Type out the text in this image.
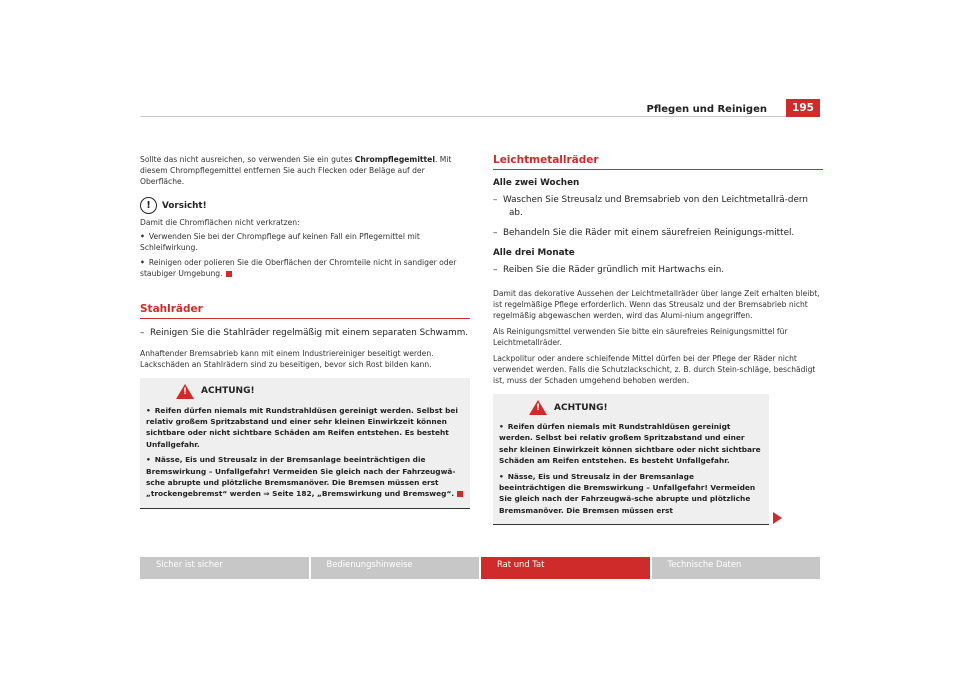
Pflegen und Reinigen	195
Sollte das nicht ausreichen, so verwenden Sie ein gutes Chrompflegemittel. Mit diesem Chrompflegemittel entfernen Sie auch Flecken oder Beläge auf der Oberfläche.
!	Vorsicht!
Damit die Chromflächen nicht verkratzen:
• Verwenden Sie bei der Chrompflege auf keinen Fall ein Pflegemittel mit Schleifwirkung.
• Reinigen oder polieren Sie die Oberflächen der Chromteile nicht in sandiger oder staubiger Umgebung.
Stahlräder
–  Reinigen Sie die Stahlräder regelmäßig mit einem separaten Schwamm.
Anhaftender Bremsabrieb kann mit einem Industriereiniger beseitigt werden. Lackschäden an Stahlrädern sind zu beseitigen, bevor sich Rost bilden kann.
! ACHTUNG!
• Reifen dürfen niemals mit Rundstrahldüsen gereinigt werden. Selbst bei relativ großem Spritzabstand und einer sehr kleinen Einwirkzeit können sichtbare oder nicht sichtbare Schäden am Reifen entstehen. Es besteht Unfallgefahr.
• Nässe, Eis und Streusalz in der Bremsanlage beeinträchtigen die Bremswirkung – Unfallgefahr! Vermeiden Sie gleich nach der Fahrzeugwä-sche abrupte und plötzliche Bremsmanöver. Die Bremsen müssen erst „trockengebremst“ werden ⇒ Seite 182, „Bremswirkung und Bremsweg“.
Leichtmetallräder
Alle zwei Wochen
–  Waschen Sie Streusalz und Bremsabrieb von den Leichtmetallrä-dern ab.
–  Behandeln Sie die Räder mit einem säurefreien Reinigungs-mittel.
Alle drei Monate
–  Reiben Sie die Räder gründlich mit Hartwachs ein.
Damit das dekorative Aussehen der Leichtmetallräder über lange Zeit erhalten bleibt, ist regelmäßige Pflege erforderlich. Wenn das Streusalz und der Bremsabrieb nicht regelmäßig abgewaschen werden, wird das Alumi-nium angegriffen.
Als Reinigungsmittel verwenden Sie bitte ein säurefreies Reinigungsmittel für Leichtmetallräder.
Lackpolitur oder andere schleifende Mittel dürfen bei der Pflege der Räder nicht verwendet werden. Falls die Schutzlackschicht, z. B. durch Stein-schläge, beschädigt ist, muss der Schaden umgehend behoben werden.
! ACHTUNG!
• Reifen dürfen niemals mit Rundstrahldüsen gereinigt werden. Selbst bei relativ großem Spritzabstand und einer sehr kleinen Einwirkzeit können sichtbare oder nicht sichtbare Schäden am Reifen entstehen. Es besteht Unfallgefahr.
• Nässe, Eis und Streusalz in der Bremsanlage beeinträchtigen die Bremswirkung – Unfallgefahr! Vermeiden Sie gleich nach der Fahrzeugwä-sche abrupte und plötzliche Bremsmanöver. Die Bremsen müssen erst
Sicher ist sicher	Bedienungshinweise	Rat und Tat	Technische Daten
